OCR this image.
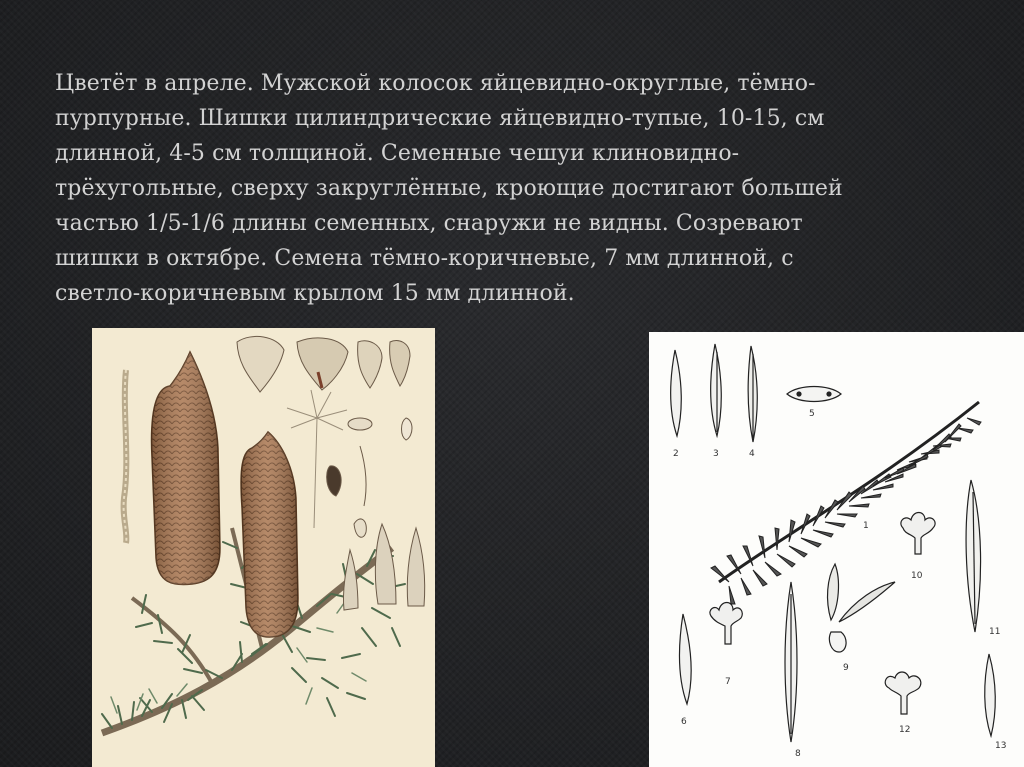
Цветёт в апреле. Мужской колосок яйцевидно-округлые, тёмно-
пурпурные. Шишки цилиндрические яйцевидно-тупые, 10-15, см
длинной, 4-5 см толщиной. Семенные чешуи клиновидно-
трёхугольные, сверху закруглённые, кроющие достигают большей
частью 1/5-1/6 длины семенных, снаружи не видны. Созревают
шишки в октябре. Семена тёмно-коричневые, 7 мм длинной, с
светло-коричневым крылом 15 мм длинной.
2	3	4
5
1
10
11
7
6
9
8
12
13
